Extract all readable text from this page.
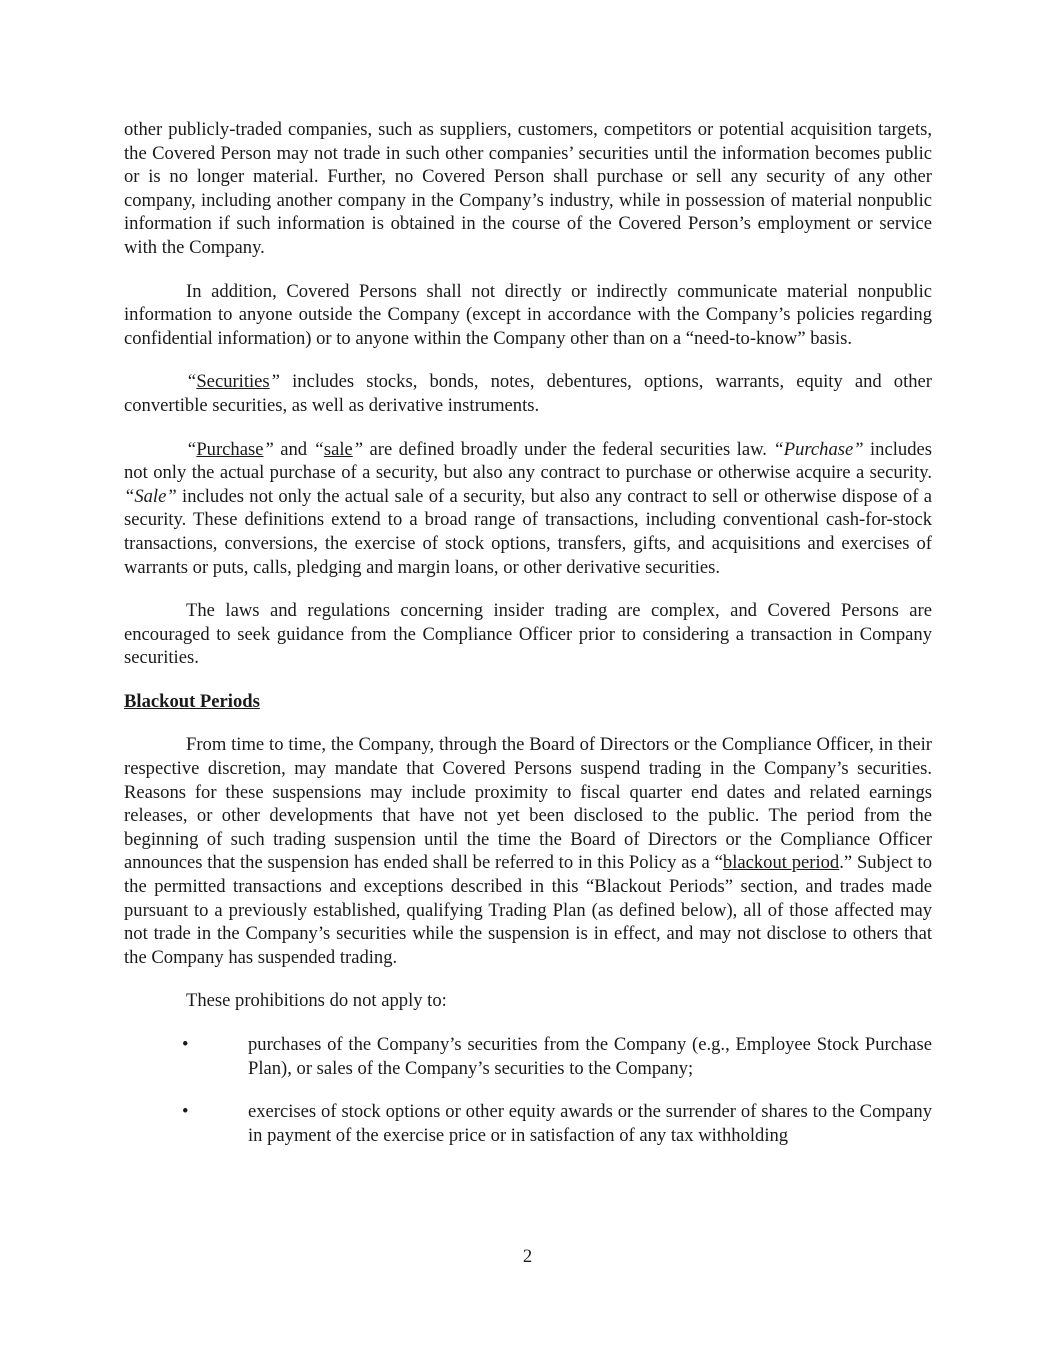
other publicly-traded companies, such as suppliers, customers, competitors or potential acquisition targets, the Covered Person may not trade in such other companies’ securities until the information becomes public or is no longer material. Further, no Covered Person shall purchase or sell any security of any other company, including another company in the Company’s industry, while in possession of material nonpublic information if such information is obtained in the course of the Covered Person’s employment or service with the Company.

In addition, Covered Persons shall not directly or indirectly communicate material nonpublic information to anyone outside the Company (except in accordance with the Company’s policies regarding confidential information) or to anyone within the Company other than on a “need-to-know” basis.

“Securities” includes stocks, bonds, notes, debentures, options, warrants, equity and other convertible securities, as well as derivative instruments.

“Purchase” and “sale” are defined broadly under the federal securities law. “Purchase” includes not only the actual purchase of a security, but also any contract to purchase or otherwise acquire a security. “Sale” includes not only the actual sale of a security, but also any contract to sell or otherwise dispose of a security. These definitions extend to a broad range of transactions, including conventional cash-for-stock transactions, conversions, the exercise of stock options, transfers, gifts, and acquisitions and exercises of warrants or puts, calls, pledging and margin loans, or other derivative securities.

The laws and regulations concerning insider trading are complex, and Covered Persons are encouraged to seek guidance from the Compliance Officer prior to considering a transaction in Company securities.

Blackout Periods

From time to time, the Company, through the Board of Directors or the Compliance Officer, in their respective discretion, may mandate that Covered Persons suspend trading in the Company’s securities. Reasons for these suspensions may include proximity to fiscal quarter end dates and related earnings releases, or other developments that have not yet been disclosed to the public. The period from the beginning of such trading suspension until the time the Board of Directors or the Compliance Officer announces that the suspension has ended shall be referred to in this Policy as a “blackout period.” Subject to the permitted transactions and exceptions described in this “Blackout Periods” section, and trades made pursuant to a previously established, qualifying Trading Plan (as defined below), all of those affected may not trade in the Company’s securities while the suspension is in effect, and may not disclose to others that the Company has suspended trading.

These prohibitions do not apply to:

•	purchases of the Company’s securities from the Company (e.g., Employee Stock Purchase Plan), or sales of the Company’s securities to the Company;
•	exercises of stock options or other equity awards or the surrender of shares to the Company in payment of the exercise price or in satisfaction of any tax withholding
2
